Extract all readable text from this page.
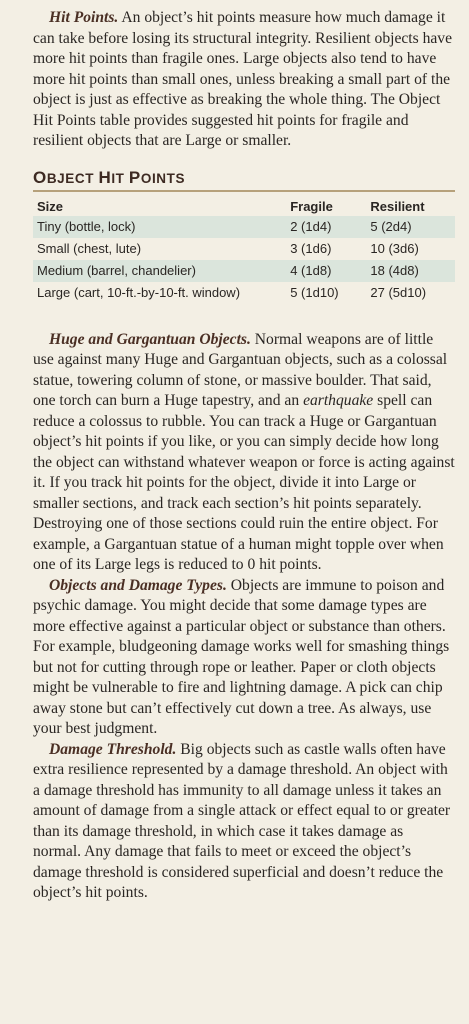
Hit Points. An object’s hit points measure how much damage it can take before losing its structural integrity. Resilient objects have more hit points than fragile ones. Large objects also tend to have more hit points than small ones, unless breaking a small part of the object is just as effective as breaking the whole thing. The Object Hit Points table provides suggested hit points for fragile and resilient objects that are Large or smaller.

OBJECT HIT POINTS
Size	Fragile	Resilient
Tiny (bottle, lock)	2 (1d4)	5 (2d4)
Small (chest, lute)	3 (1d6)	10 (3d6)
Medium (barrel, chandelier)	4 (1d8)	18 (4d8)
Large (cart, 10-ft.-by-10-ft. window)	5 (1d10)	27 (5d10)

Huge and Gargantuan Objects. Normal weapons are of little use against many Huge and Gargantuan objects, such as a colossal statue, towering column of stone, or massive boulder. That said, one torch can burn a Huge tapestry, and an earthquake spell can reduce a colossus to rubble. You can track a Huge or Gargantuan object’s hit points if you like, or you can simply decide how long the object can withstand whatever weapon or force is acting against it. If you track hit points for the object, divide it into Large or smaller sections, and track each section’s hit points separately. Destroying one of those sections could ruin the entire object. For example, a Gargantuan statue of a human might topple over when one of its Large legs is reduced to 0 hit points.

Objects and Damage Types. Objects are immune to poison and psychic damage. You might decide that some damage types are more effective against a particular object or substance than others. For example, bludgeoning damage works well for smashing things but not for cutting through rope or leather. Paper or cloth objects might be vulnerable to fire and lightning damage. A pick can chip away stone but can’t effectively cut down a tree. As always, use your best judgment.

Damage Threshold. Big objects such as castle walls often have extra resilience represented by a damage threshold. An object with a damage threshold has immunity to all damage unless it takes an amount of damage from a single attack or effect equal to or greater than its damage threshold, in which case it takes damage as normal. Any damage that fails to meet or exceed the object’s damage threshold is considered superficial and doesn’t reduce the object’s hit points.
